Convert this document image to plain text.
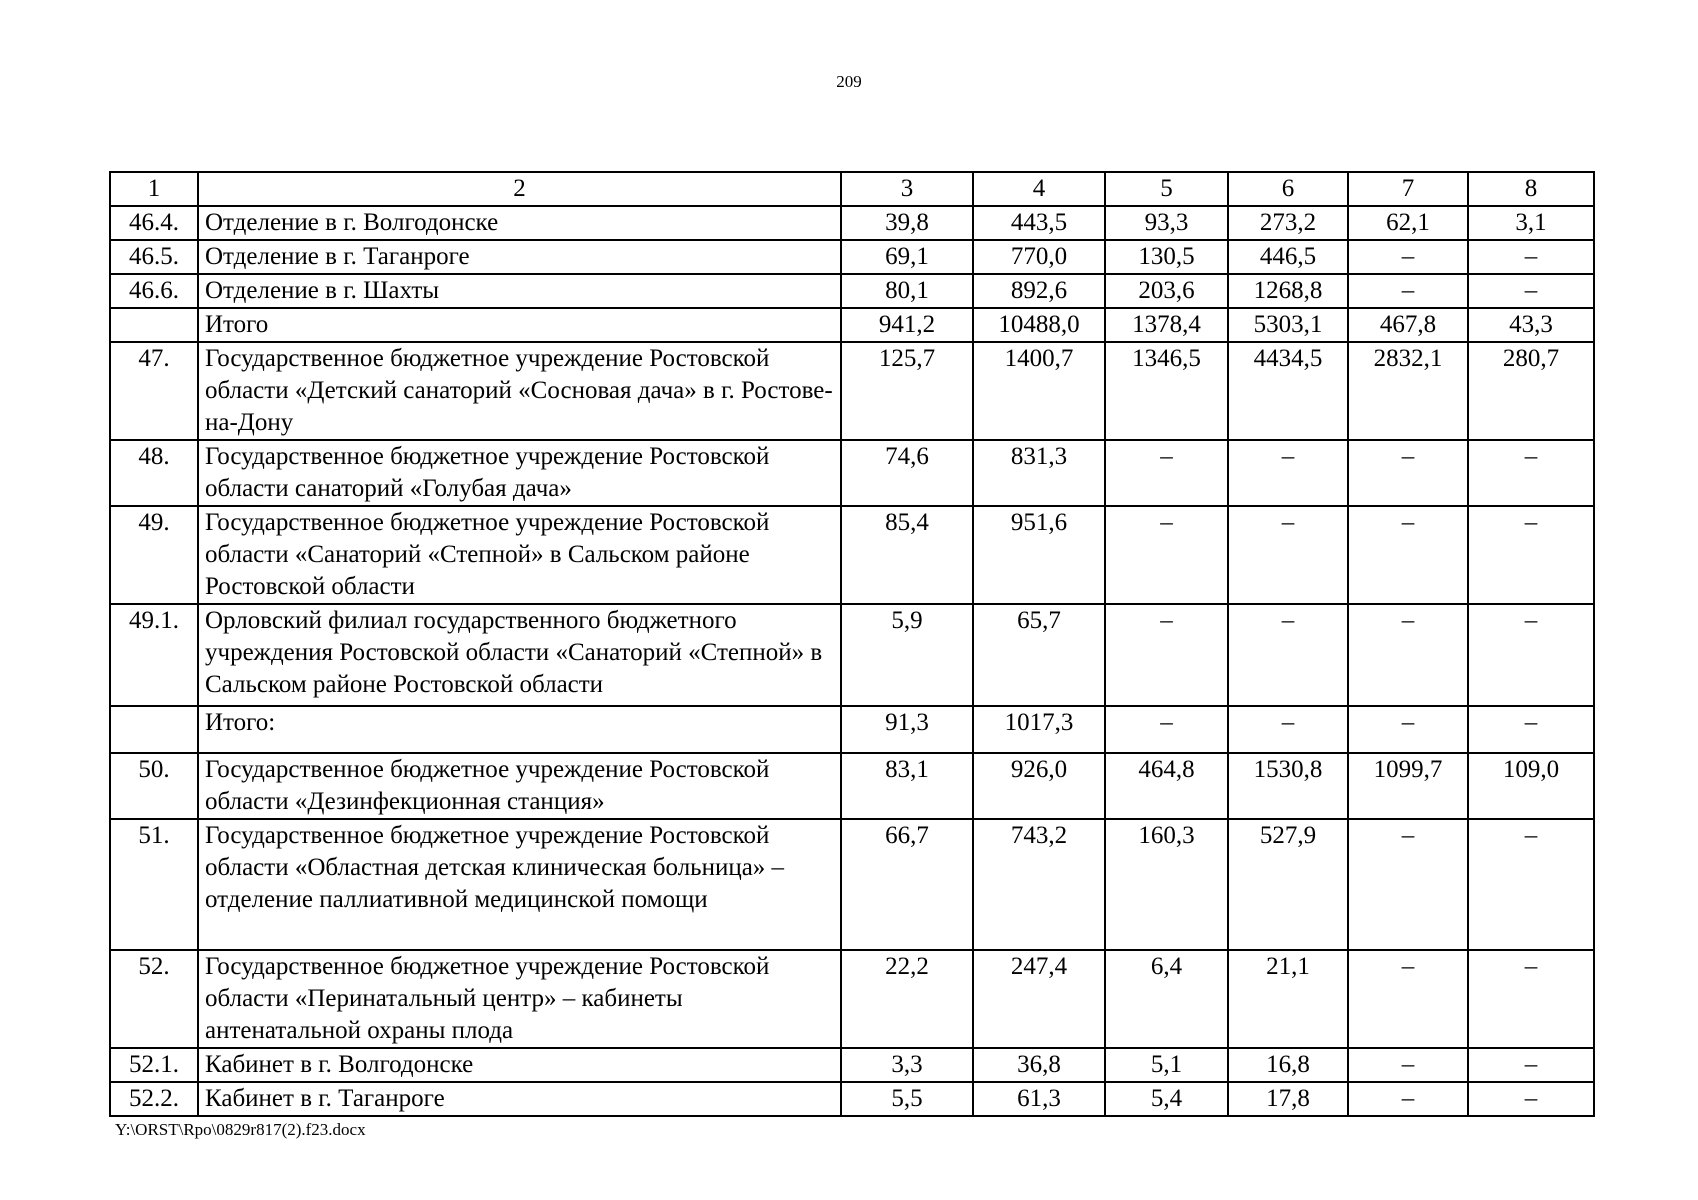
209
1	2	3	4	5	6	7	8
46.4.	Отделение в г. Волгодонске	39,8	443,5	93,3	273,2	62,1	3,1
46.5.	Отделение в г. Таганроге	69,1	770,0	130,5	446,5	–	–
46.6.	Отделение в г. Шахты	80,1	892,6	203,6	1268,8	–	–
	Итого	941,2	10488,0	1378,4	5303,1	467,8	43,3
47.	Государственное бюджетное учреждение Ростовской области «Детский санаторий «Сосновая дача» в г. Ростове-на-Дону	125,7	1400,7	1346,5	4434,5	2832,1	280,7
48.	Государственное бюджетное учреждение Ростовской области санаторий «Голубая дача»	74,6	831,3	–	–	–	–
49.	Государственное бюджетное учреждение Ростовской области «Санаторий «Степной» в Сальском районе Ростовской области	85,4	951,6	–	–	–	–
49.1.	Орловский филиал государственного бюджетного учреждения Ростовской области «Санаторий «Степной» в Сальском районе Ростовской области	5,9	65,7	–	–	–	–
	Итого:	91,3	1017,3	–	–	–	–
50.	Государственное бюджетное учреждение Ростовской области «Дезинфекционная станция»	83,1	926,0	464,8	1530,8	1099,7	109,0
51.	Государственное бюджетное учреждение Ростовской области «Областная детская клиническая больница» – отделение паллиативной медицинской помощи	66,7	743,2	160,3	527,9	–	–
52.	Государственное бюджетное учреждение Ростовской области «Перинатальный центр» – кабинеты антенатальной охраны плода	22,2	247,4	6,4	21,1	–	–
52.1.	Кабинет в г. Волгодонске	3,3	36,8	5,1	16,8	–	–
52.2.	Кабинет в г. Таганроге	5,5	61,3	5,4	17,8	–	–
Y:\ORST\Rpo\0829r817(2).f23.docx
